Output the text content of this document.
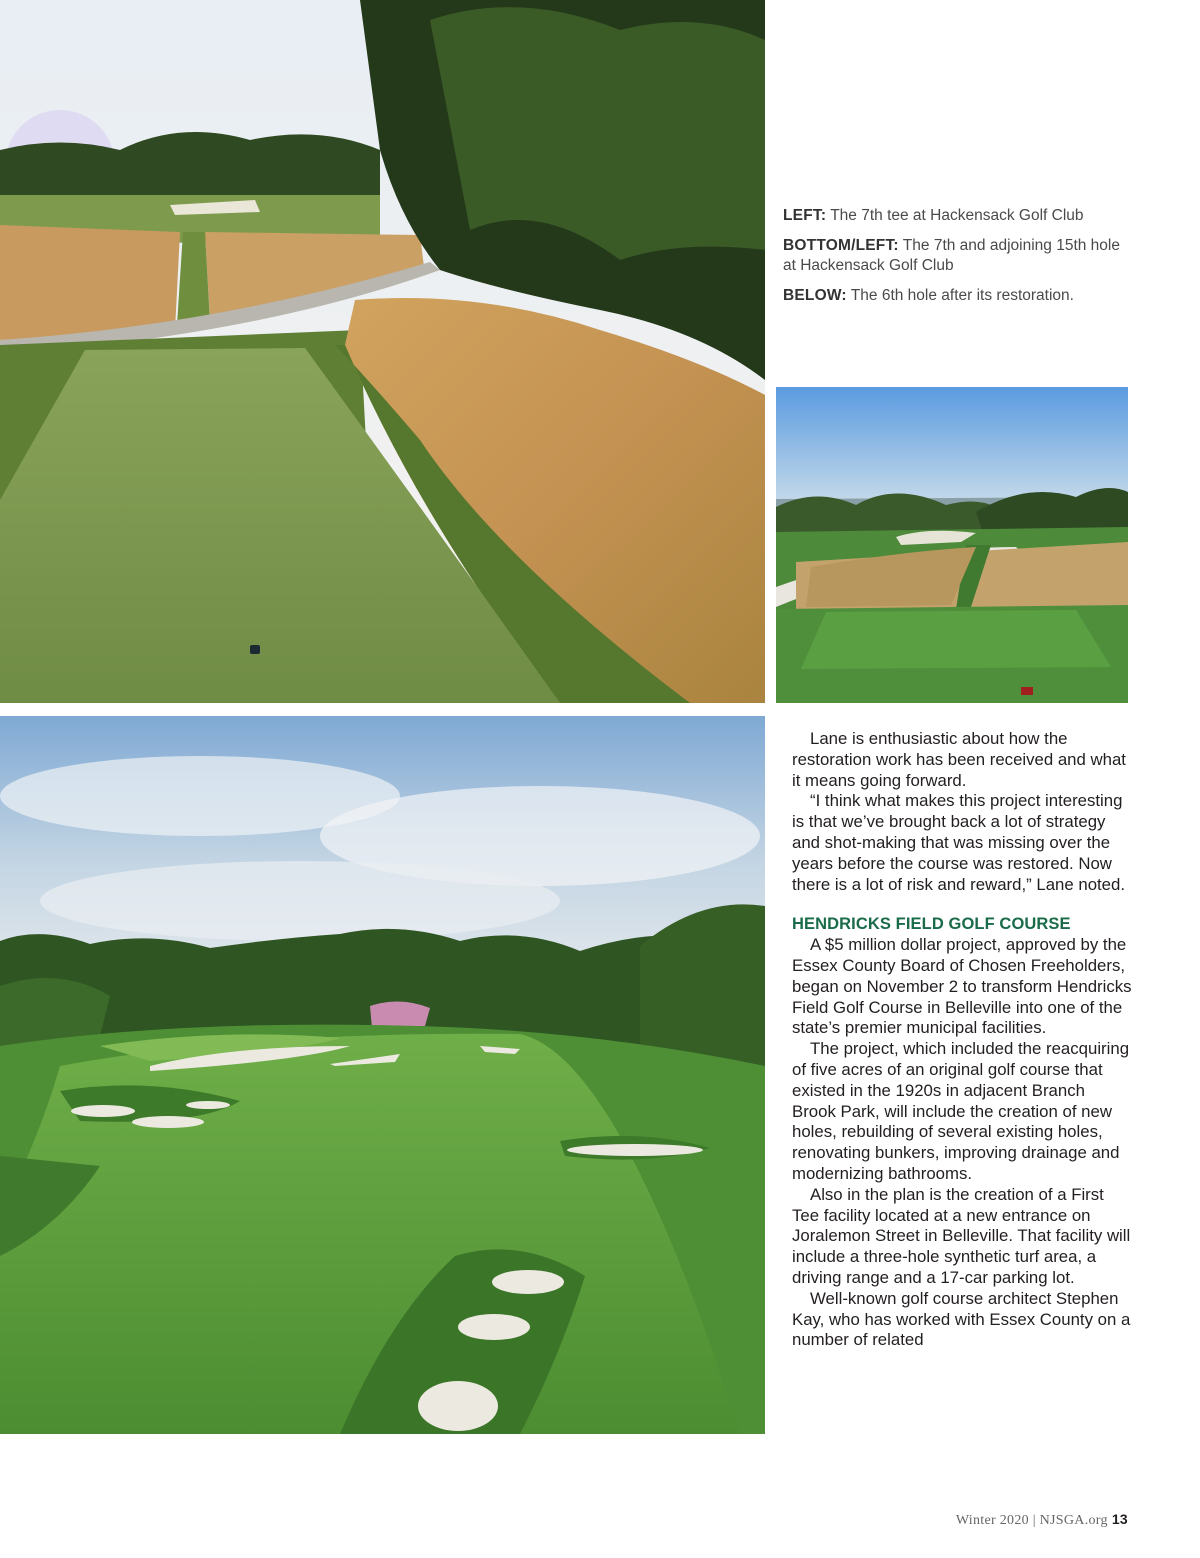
LEFT: The 7th tee at Hackensack Golf Club

BOTTOM/LEFT: The 7th and adjoining 15th hole at Hackensack Golf Club

BELOW: The 6th hole after its restoration.

Lane is enthusiastic about how the restoration work has been received and what it means going forward.

“I think what makes this project interesting is that we’ve brought back a lot of strategy and shot-making that was missing over the years before the course was restored. Now there is a lot of risk and reward,” Lane noted.

HENDRICKS FIELD GOLF COURSE

A $5 million dollar project, approved by the Essex County Board of Chosen Freeholders, began on November 2 to transform Hendricks Field Golf Course in Belleville into one of the state’s premier municipal facilities.

The project, which included the reacquiring of five acres of an original golf course that existed in the 1920s in adjacent Branch Brook Park, will include the creation of new holes, rebuilding of several existing holes, renovating bunkers, improving drainage and modernizing bathrooms.

Also in the plan is the creation of a First Tee facility located at a new entrance on Joralemon Street in Belleville. That facility will include a three-hole synthetic turf area, a driving range and a 17-car parking lot.

Well-known golf course architect Stephen Kay, who has worked with Essex County on a number of related

Winter 2020 | NJSGA.org 13
